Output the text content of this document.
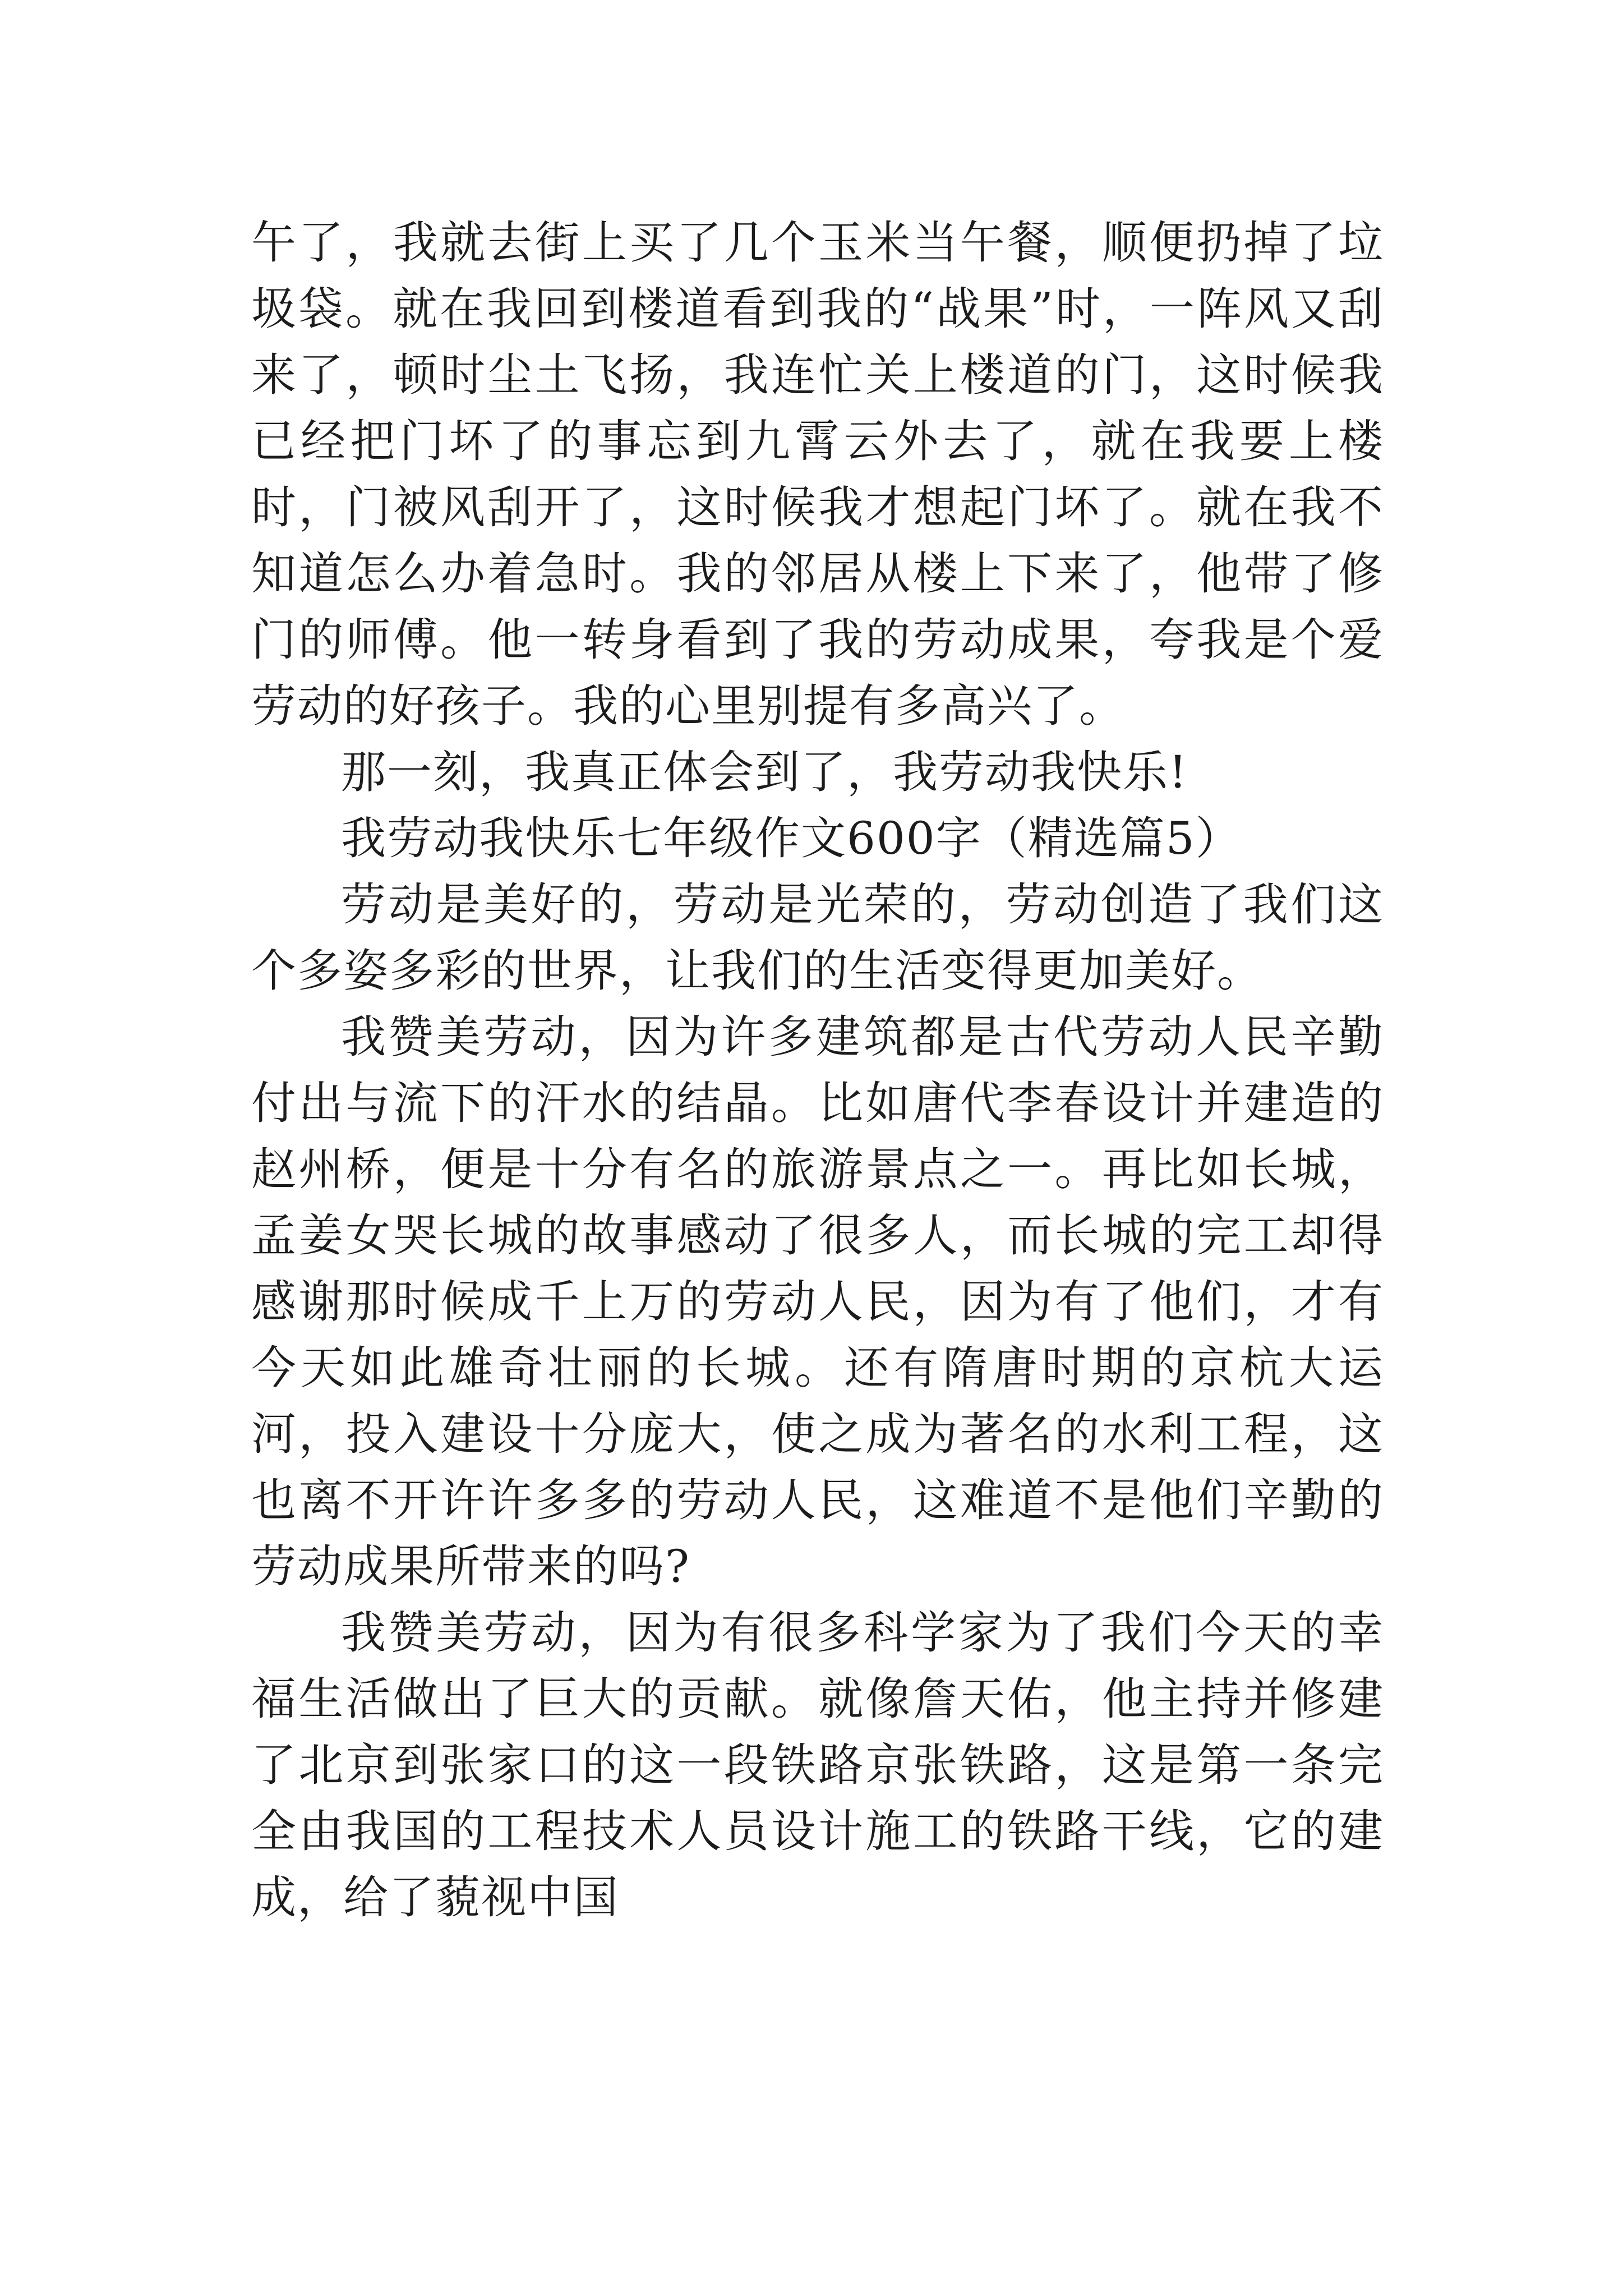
午了，我就去街上买了几个玉米当午餐，顺便扔掉了垃圾袋。就在我回到楼道看到我的“战果”时，一阵风又刮来了，顿时尘土飞扬，我连忙关上楼道的门，这时候我已经把门坏了的事忘到九霄云外去了，就在我要上楼时，门被风刮开了，这时候我才想起门坏了。就在我不知道怎么办着急时。我的邻居从楼上下来了，他带了修门的师傅。他一转身看到了我的劳动成果，夸我是个爱劳动的好孩子。我的心里别提有多高兴了。

那一刻，我真正体会到了，我劳动我快乐!

我劳动我快乐七年级作文600字（精选篇5）

劳动是美好的，劳动是光荣的，劳动创造了我们这个多姿多彩的世界，让我们的生活变得更加美好。

我赞美劳动，因为许多建筑都是古代劳动人民辛勤付出与流下的汗水的结晶。比如唐代李春设计并建造的赵州桥，便是十分有名的旅游景点之一。再比如长城，孟姜女哭长城的故事感动了很多人，而长城的完工却得感谢那时候成千上万的劳动人民，因为有了他们，才有今天如此雄奇壮丽的长城。还有隋唐时期的京杭大运河，投入建设十分庞大，使之成为著名的水利工程，这也离不开许许多多的劳动人民，这难道不是他们辛勤的劳动成果所带来的吗?

我赞美劳动，因为有很多科学家为了我们今天的幸福生活做出了巨大的贡献。就像詹天佑，他主持并修建了北京到张家口的这一段铁路京张铁路，这是第一条完全由我国的工程技术人员设计施工的铁路干线，它的建成，给了藐视中国
